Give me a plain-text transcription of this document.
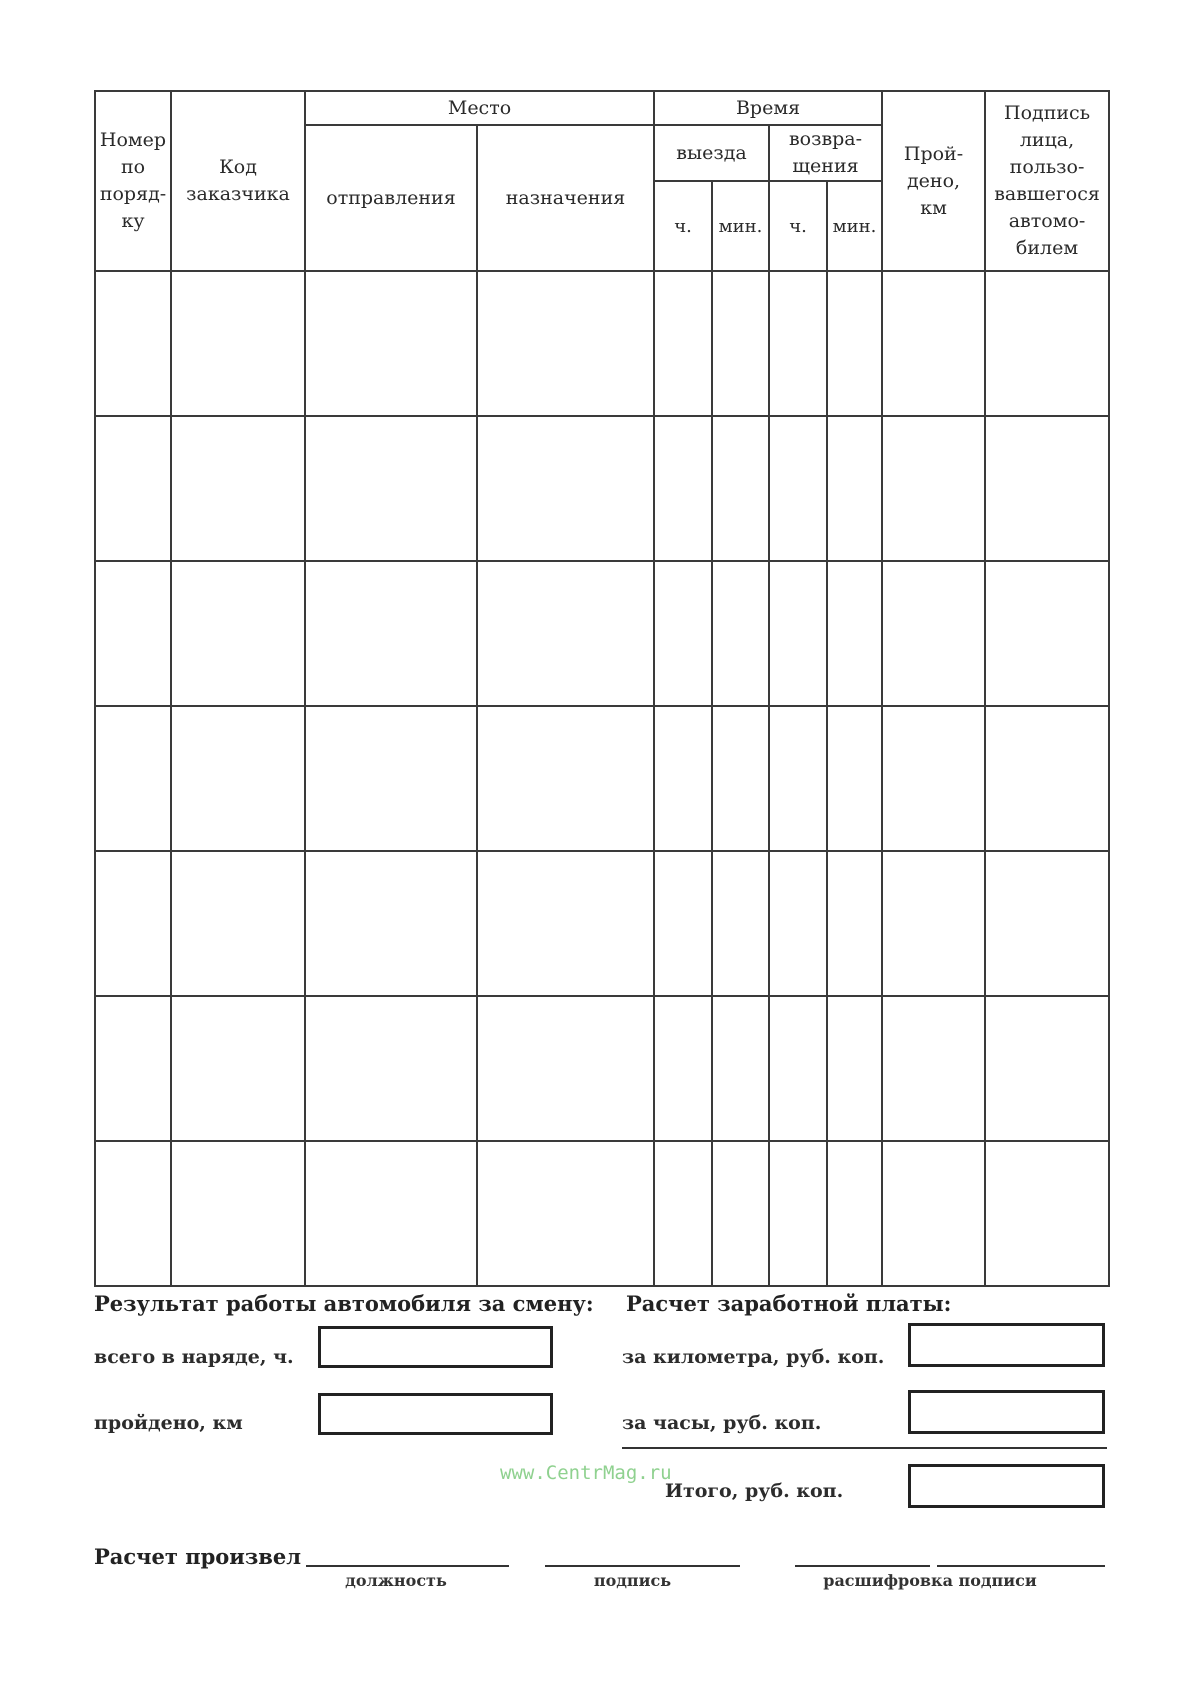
Номер по поряд-ку	Код заказчика	Место		Время				Прой-дено, км	Подпись лица, пользо-вавшегося автомо-билем
		отправления	назначения	выезда		возвра-щения			
				ч.	мин.	ч.	мин.		

Результат работы автомобиля за смену:
всего в наряде, ч.
пройдено, км
Расчет заработной платы:
за километра, руб. коп.
за часы, руб. коп.
Итого, руб. коп.
www.CentrMag.ru
Расчет произвел
должность	подпись	расшифровка подписи
